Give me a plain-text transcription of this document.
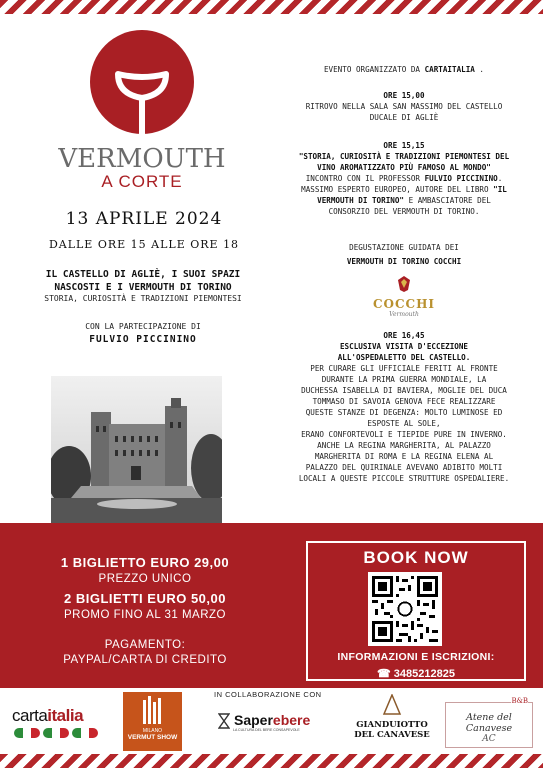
VERMOUTH
A CORTE
13 APRILE 2024
DALLE ORE 15 ALLE ORE 18
IL CASTELLO DI AGLIÈ, I SUOI SPAZI
NASCOSTI E I VERMOUTH DI TORINO
STORIA, CURIOSITÀ E TRADIZIONI PIEMONTESI
CON LA PARTECIPAZIONE DI
FULVIO PICCININO
EVENTO ORGANIZZATO DA CARTAITALIA .
ORE 15,00
RITROVO NELLA SALA SAN MASSIMO DEL CASTELLO
DUCALE DI AGLIÈ
ORE 15,15
"STORIA, CURIOSITÀ E TRADIZIONI PIEMONTESI DEL
VINO AROMATIZZATO PIÙ FAMOSO AL MONDO"
INCONTRO CON IL PROFESSOR FULVIO PICCININO.
MASSIMO ESPERTO EUROPEO, AUTORE DEL LIBRO "IL
VERMOUTH DI TORINO" E AMBASCIATORE DEL
CONSORZIO DEL VERMOUTH DI TORINO.
DEGUSTAZIONE GUIDATA DEI
VERMOUTH DI TORINO COCCHI
COCCHI
Vermouth
ORE 16,45
ESCLUSIVA VISITA D'ECCEZIONE
ALL'OSPEDALETTO DEL CASTELLO.
PER CURARE GLI UFFICIALE FERITI AL FRONTE
DURANTE LA PRIMA GUERRA MONDIALE, LA
DUCHESSA ISABELLA DI BAVIERA, MOGLIE DEL DUCA
TOMMASO DI SAVOIA GENOVA FECE REALIZZARE
QUESTE STANZE DI DEGENZA: MOLTO LUMINOSE ED
ESPOSTE AL SOLE,
ERANO CONFORTEVOLI E TIEPIDE PURE IN INVERNO.
ANCHE LA REGINA MARGHERITA, AL PALAZZO
MARGHERITA DI ROMA E LA REGINA ELENA AL
PALAZZO DEL QUIRINALE AVEVANO ADIBITO MOLTI
LOCALI A QUESTE PICCOLE STRUTTURE OSPEDALIERE.
1 BIGLIETTO EURO 29,00
PREZZO UNICO
2 BIGLIETTI EURO 50,00
PROMO FINO AL 31 MARZO
PAGAMENTO:
PAYPAL/CARTA DI CREDITO
BOOK NOW
INFORMAZIONI E ISCRIZIONI:
☎ 3485212825
IN COLLABORAZIONE CON
cartaitalia
MILANO
VERMUT SHOW
Saperebere
LA CULTURA DEL BERE CONSAPEVOLE	GIANDUIOTTO
DEL CANAVESE
B&B
Atene del Canavese
AC
